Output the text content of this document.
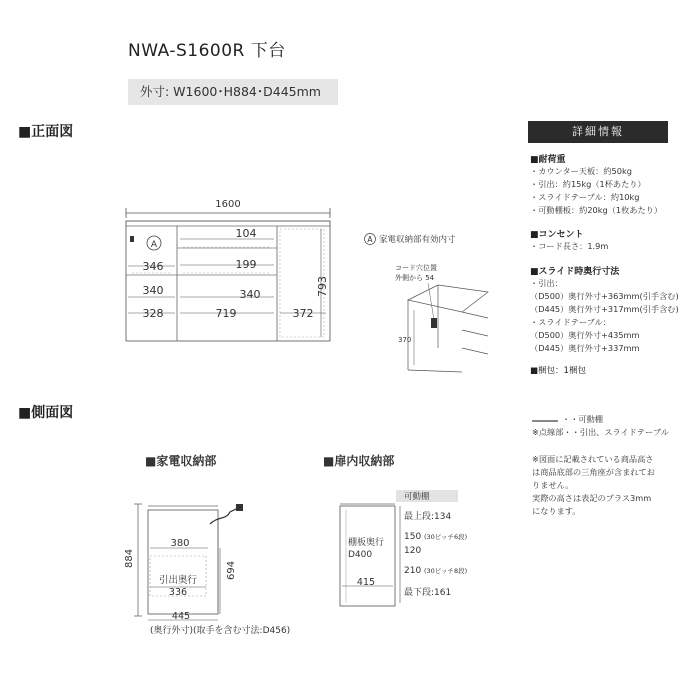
NWA-S1600R 下台
外寸: W1600･H884･D445mm
■正面図
■側面図
■家電収納部	■扉内収納部
1600
A
104
199
346
340	340
328	719	372
793
A 家電収納部有効内寸
コード穴位置
外側から 54
370
884
380
引出奥行
336
694
445
(奥行外寸)(取手を含む寸法:D456)
可動棚
棚板奥行
D400
415
最上段:134
150 (30ピッチ6段)
120
210 (30ピッチ8段)
最下段:161
詳細情報
■耐荷重
・カウンター天板：約50kg
・引出：約15kg（1杯あたり）
・スライドテーブル：約10kg
・可動棚板：約20kg（1枚あたり）
■コンセント
・コード長さ：1.9m
■スライド時奥行寸法
・引出：
（D500）奥行外寸+363mm(引手含む)
（D445）奥行外寸+317mm(引手含む)
・スライドテーブル：
（D500）奥行外寸+435mm
（D445）奥行外寸+337mm
■梱包：1梱包
・・可動棚
※点線部・・引出、スライドテーブル
※図面に記載されている商品高さ
は商品底部の三角座が含まれてお
りません。
実際の高さは表記のプラス3mm
になります。
